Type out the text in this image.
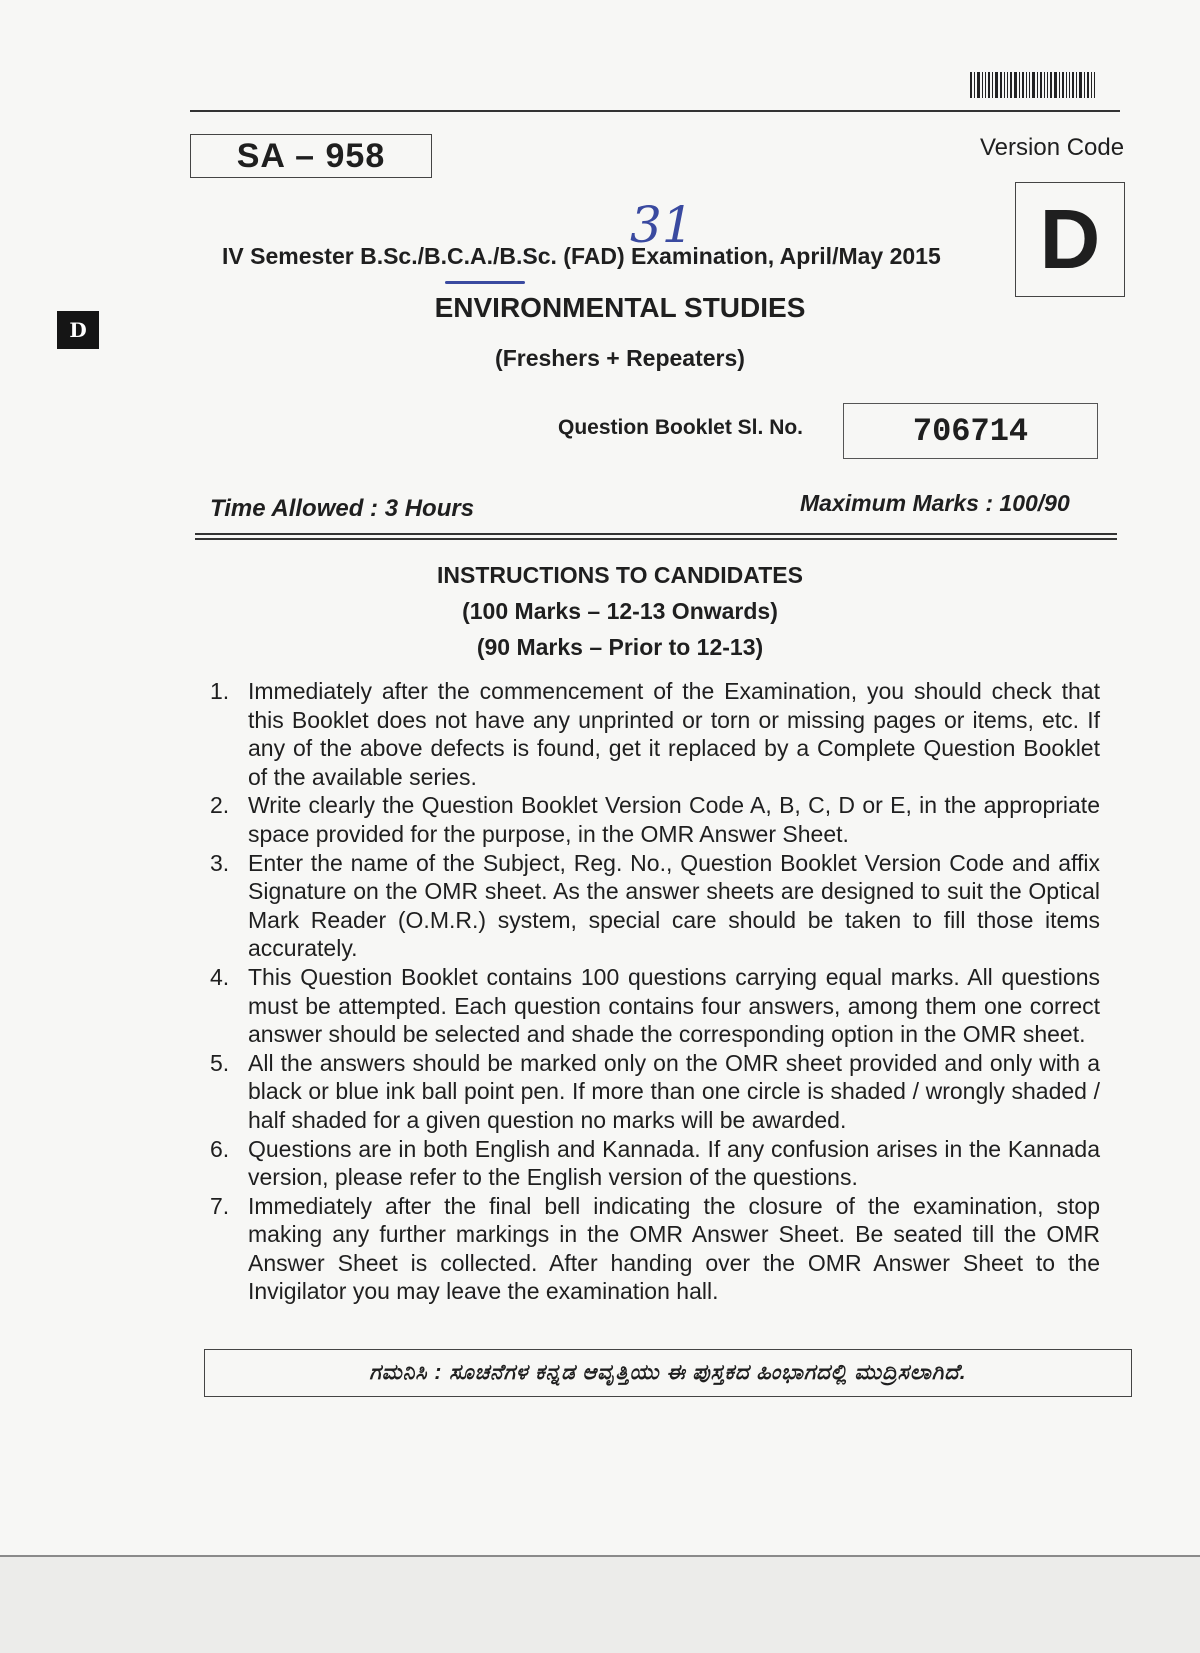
SA – 958	Version Code
D
D
31
IV Semester B.Sc./B.C.A./B.Sc. (FAD) Examination, April/May 2015
ENVIRONMENTAL STUDIES
(Freshers + Repeaters)
Question Booklet Sl. No.	706714
Time Allowed : 3 Hours	Maximum Marks : 100/90
INSTRUCTIONS TO CANDIDATES
(100 Marks – 12-13 Onwards)
(90 Marks – Prior to 12-13)
1. Immediately after the commencement of the Examination, you should check that this Booklet does not have any unprinted or torn or missing pages or items, etc. If any of the above defects is found, get it replaced by a Complete Question Booklet of the available series.
2. Write clearly the Question Booklet Version Code A, B, C, D or E, in the appropriate space provided for the purpose, in the OMR Answer Sheet.
3. Enter the name of the Subject, Reg. No., Question Booklet Version Code and affix Signature on the OMR sheet. As the answer sheets are designed to suit the Optical Mark Reader (O.M.R.) system, special care should be taken to fill those items accurately.
4. This Question Booklet contains 100 questions carrying equal marks. All questions must be attempted. Each question contains four answers, among them one correct answer should be selected and shade the corresponding option in the OMR sheet.
5. All the answers should be marked only on the OMR sheet provided and only with a black or blue ink ball point pen. If more than one circle is shaded / wrongly shaded / half shaded for a given question no marks will be awarded.
6. Questions are in both English and Kannada. If any confusion arises in the Kannada version, please refer to the English version of the questions.
7. Immediately after the final bell indicating the closure of the examination, stop making any further markings in the OMR Answer Sheet. Be seated till the OMR Answer Sheet is collected. After handing over the OMR Answer Sheet to the Invigilator you may leave the examination hall.
ಗಮನಿಸಿ : ಸೂಚನೆಗಳ ಕನ್ನಡ ಆವೃತ್ತಿಯು ಈ ಪುಸ್ತಕದ ಹಿಂಭಾಗದಲ್ಲಿ ಮುದ್ರಿಸಲಾಗಿದೆ.
